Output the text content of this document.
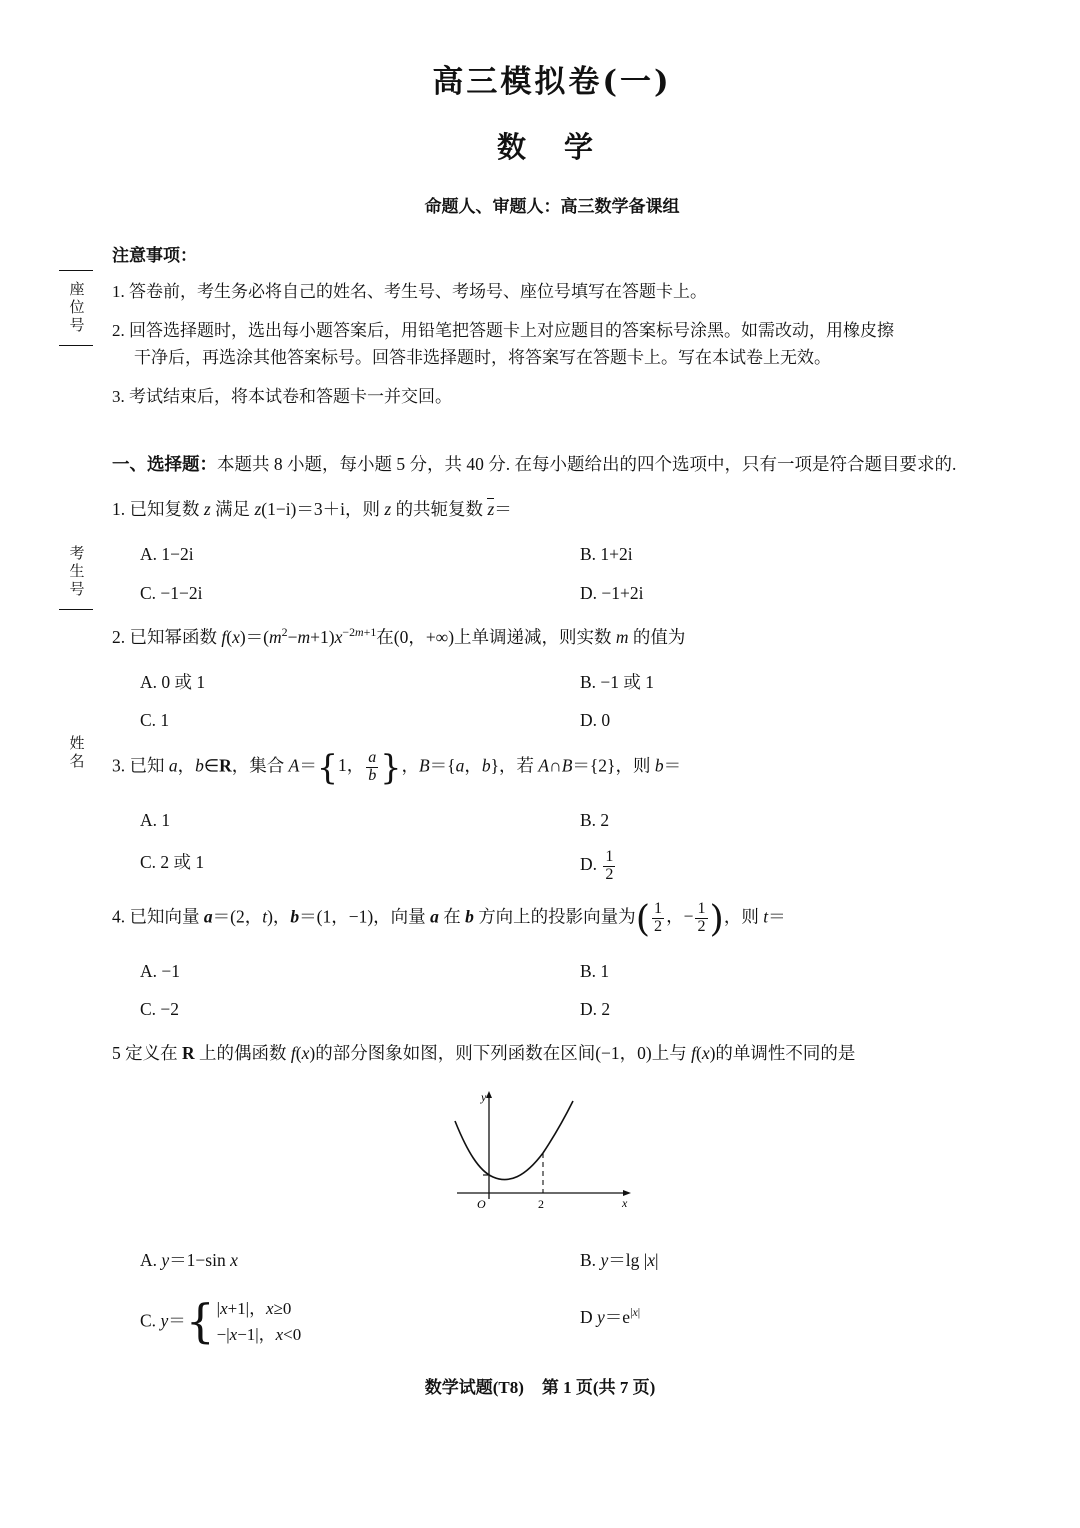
座位号
考生号
姓名
高三模拟卷(一)
数 学
命题人、审题人：高三数学备课组
注意事项：
1. 答卷前，考生务必将自己的姓名、考生号、考场号、座位号填写在答题卡上。
2. 回答选择题时，选出每小题答案后，用铅笔把答题卡上对应题目的答案标号涂黑。如需改动，用橡皮擦
干净后，再选涂其他答案标号。回答非选择题时，将答案写在答题卡上。写在本试卷上无效。
3. 考试结束后，将本试卷和答题卡一并交回。
一、选择题：本题共 8 小题，每小题 5 分，共 40 分. 在每小题给出的四个选项中，只有一项是符合题目要求的.
1. 已知复数 z 满足 z(1−i)＝3＋i，则 z 的共轭复数 z＝
A. 1−2i	B. 1+2i
C. −1−2i	D. −1+2i
2. 已知幂函数 $f(x)=(m^2-m+1)x^{-2m+1}$在(0，+∞)上单调递减，则实数 m 的值为
A. 0 或 1	B. −1 或 1
C. 1	D. 0
3. 已知 a，b∈R，集合 A＝ { 1， $\frac{a}{b}$ } ，B＝{a，b}，若 A∩B＝{2}，则 b＝
A. 1	B. 2
C. 2 或 1	D. $\frac{1}{2}$
4. 已知向量 a＝(2，t)，b＝(1，−1)，向量 a 在 b 方向上的投影向量为 ( $\frac{1}{2}$ ，− $\frac{1}{2}$ ) ，则 t＝
A. −1	B. 1
C. −2	D. 2
5 定义在 R 上的偶函数 f(x)的部分图象如图，则下列函数在区间(−1，0)上与 f(x)的单调性不同的是
y
x
O	2
A. y＝1−sin x	B. y＝lg |x|
C. y＝ { |x+1|，x≥0
−|x−1|，x<0
D $y=e^{|x|}$
数学试题(T8) 第 1 页(共 7 页)
